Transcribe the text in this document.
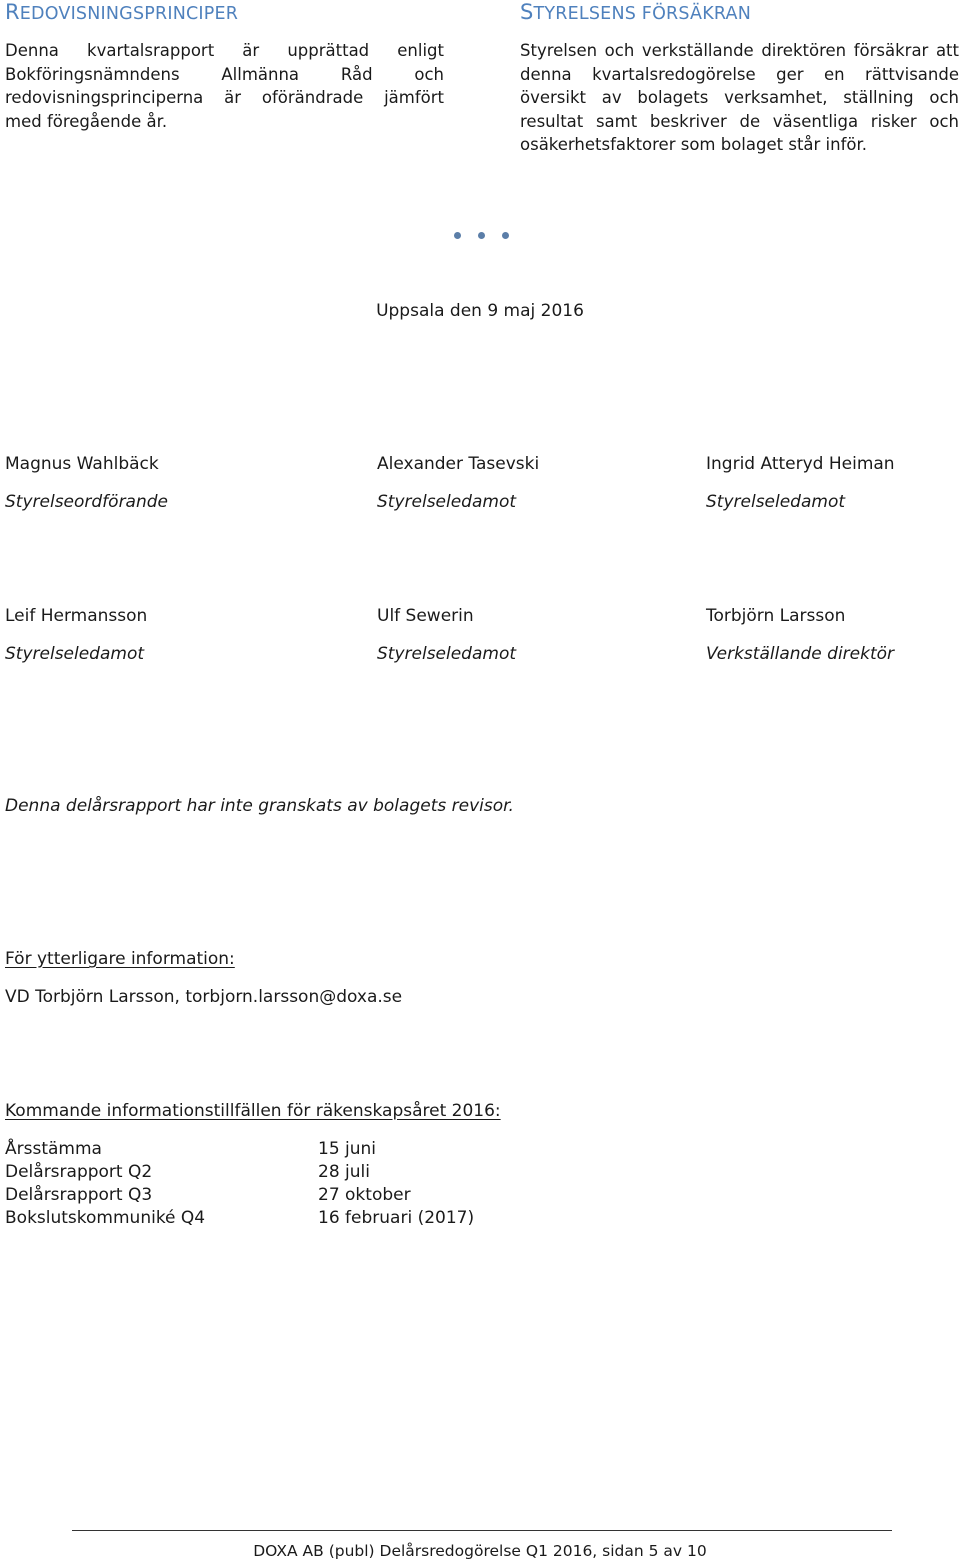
REDOVISNINGSPRINCIPER
Denna kvartalsrapport är upprättad enligt
Bokföringsnämndens Allmänna Råd och
redovisningsprinciperna är oförändrade jämfört
med föregående år.
STYRELSENS FÖRSÄKRAN
Styrelsen och verkställande direktören försäkrar att
denna kvartalsredogörelse ger en rättvisande
översikt av bolagets verksamhet, ställning och
resultat samt beskriver de väsentliga risker och
osäkerhetsfaktorer som bolaget står inför.
Uppsala den 9 maj 2016
Magnus Wahlbäck
Styrelseordförande
Alexander Tasevski
Styrelseledamot
Ingrid Atteryd Heiman
Styrelseledamot
Leif Hermansson
Styrelseledamot
Ulf Sewerin
Styrelseledamot
Torbjörn Larsson
Verkställande direktör
Denna delårsrapport har inte granskats av bolagets revisor.
För ytterligare information:
VD Torbjörn Larsson, torbjorn.larsson@doxa.se
Kommande informationstillfällen för räkenskapsåret 2016:
Årsstämma	15 juni
Delårsrapport Q2	28 juli
Delårsrapport Q3	27 oktober
Bokslutskommuniké Q4	16 februari (2017)
DOXA AB (publ) Delårsredogörelse Q1 2016, sidan 5 av 10
